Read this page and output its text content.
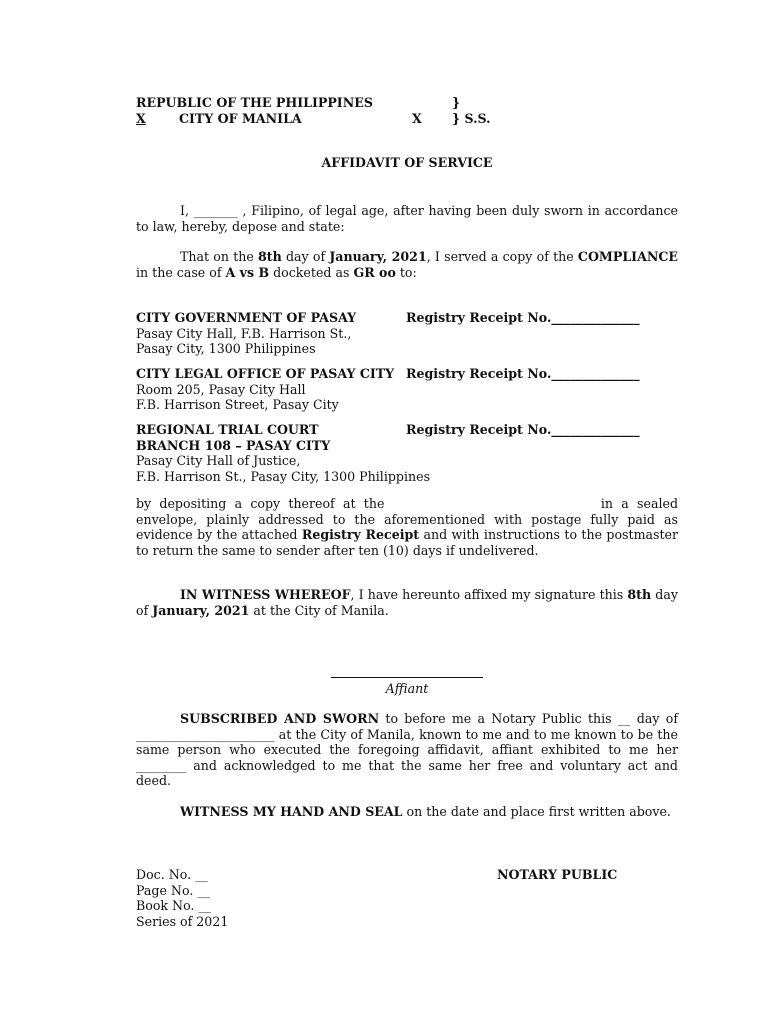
REPUBLIC OF THE PHILIPPINES	}
X	CITY OF MANILA	X } S.S.
AFFIDAVIT OF SERVICE
I, _______ , Filipino, of legal age, after having been duly sworn in accordance to law, hereby, depose and state:
That on the 8th day of January, 2021, I served a copy of the COMPLIANCE in the case of A vs B docketed as GR oo to:
CITY GOVERNMENT OF PASAY	Registry Receipt No.______________
Pasay City Hall, F.B. Harrison St.,
Pasay City, 1300 Philippines
CITY LEGAL OFFICE OF PASAY CITY Registry Receipt No.______________
Room 205, Pasay City Hall
F.B. Harrison Street, Pasay City
REGIONAL TRIAL COURT	Registry Receipt No.______________
BRANCH 108 – PASAY CITY
Pasay City Hall of Justice,
F.B. Harrison St., Pasay City, 1300 Philippines
by depositing a copy thereof at the	in a sealed envelope, plainly addressed to the aforementioned with postage fully paid as evidence by the attached Registry Receipt and with instructions to the postmaster to return the same to sender after ten (10) days if undelivered.
IN WITNESS WHEREOF, I have hereunto affixed my signature this 8th day of January, 2021 at the City of Manila.
Affiant
SUBSCRIBED AND SWORN to before me a Notary Public this __ day of ______________________ at the City of Manila, known to me and to me known to be the same person who executed the foregoing affidavit, affiant exhibited to me her ________ and acknowledged to me that the same her free and voluntary act and deed.
WITNESS MY HAND AND SEAL on the date and place first written above.
Doc. No. __
Page No. __
Book No. __
Series of 2021
NOTARY PUBLIC
